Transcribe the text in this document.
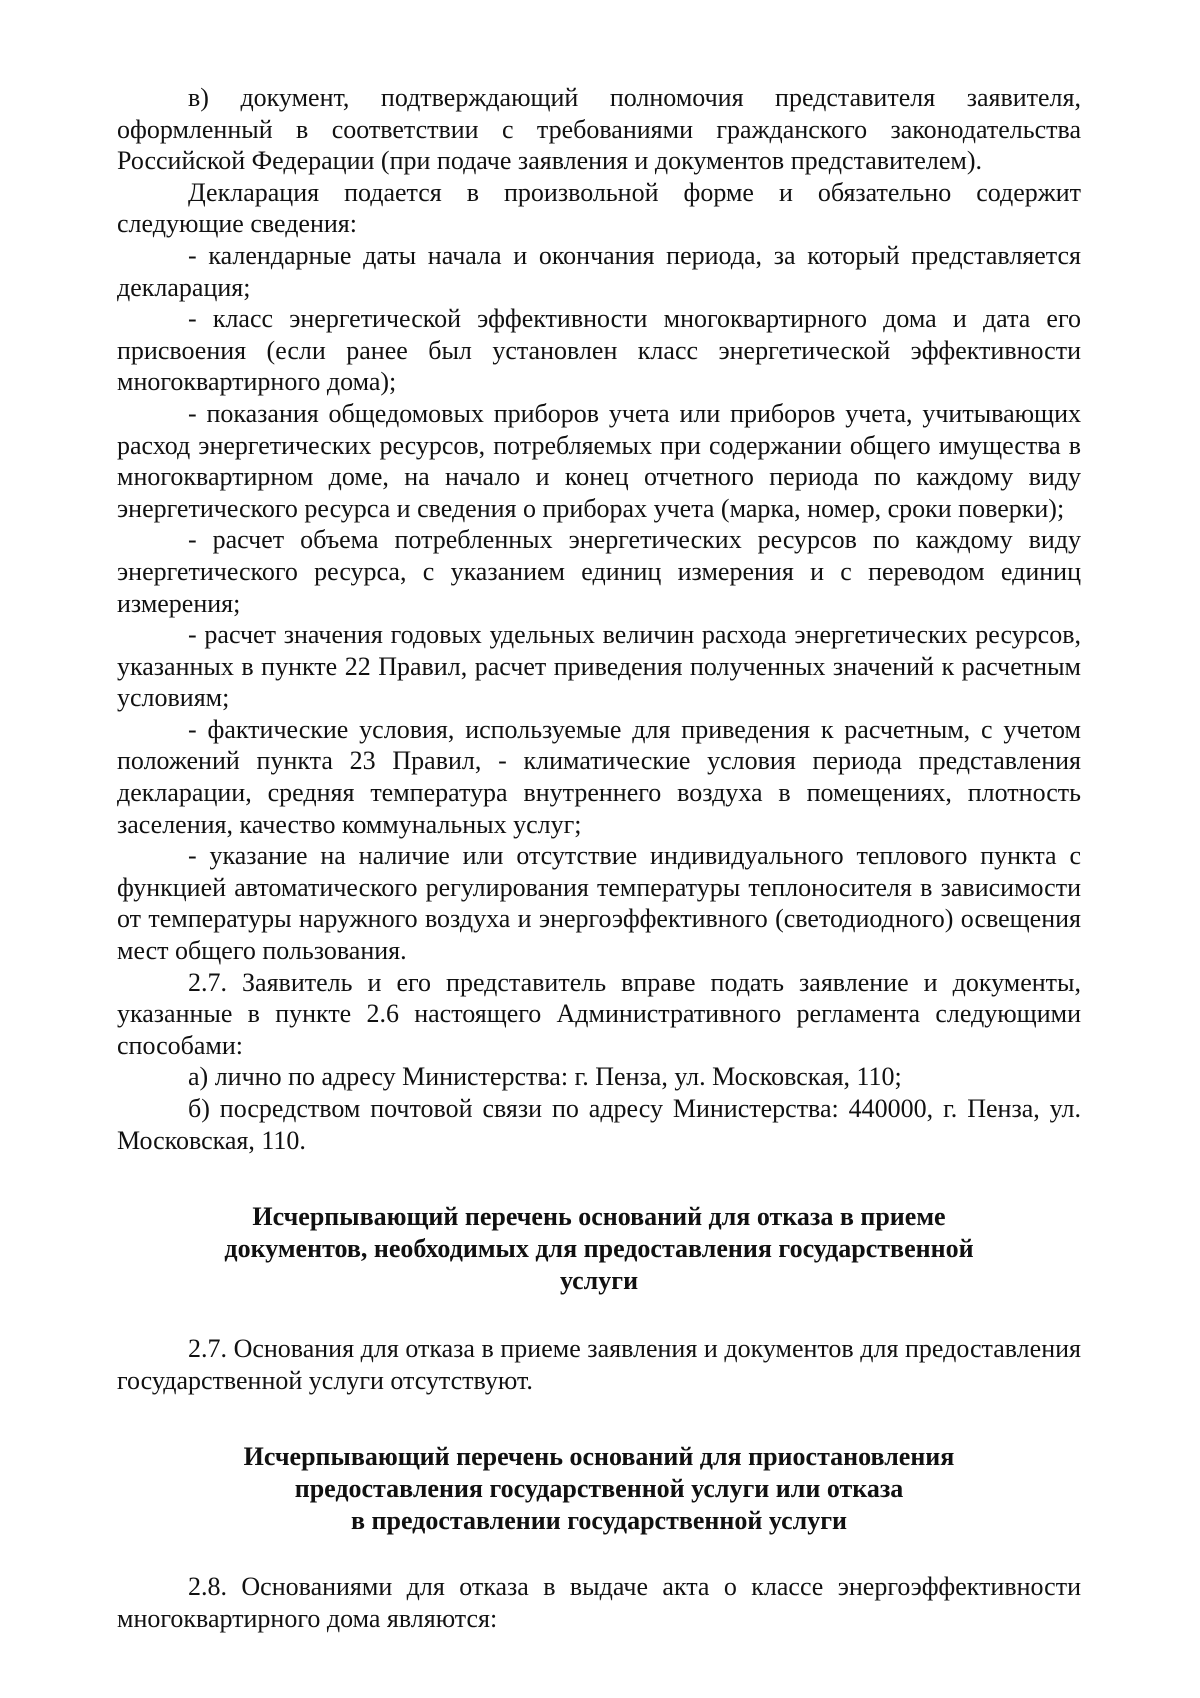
в) документ, подтверждающий полномочия представителя заявителя, оформленный в соответствии с требованиями гражданского законодательства Российской Федерации (при подаче заявления и документов представителем).

Декларация подается в произвольной форме и обязательно содержит следующие сведения:

- календарные даты начала и окончания периода, за который представляется декларация;

- класс энергетической эффективности многоквартирного дома и дата его присвоения (если ранее был установлен класс энергетической эффективности многоквартирного дома);

- показания общедомовых приборов учета или приборов учета, учитывающих расход энергетических ресурсов, потребляемых при содержании общего имущества в многоквартирном доме, на начало и конец отчетного периода по каждому виду энергетического ресурса и сведения о приборах учета (марка, номер, сроки поверки);

- расчет объема потребленных энергетических ресурсов по каждому виду энергетического ресурса, с указанием единиц измерения и с переводом единиц измерения;

- расчет значения годовых удельных величин расхода энергетических ресурсов, указанных в пункте 22 Правил, расчет приведения полученных значений к расчетным условиям;

- фактические условия, используемые для приведения к расчетным, с учетом положений пункта 23 Правил, - климатические условия периода представления декларации, средняя температура внутреннего воздуха в помещениях, плотность заселения, качество коммунальных услуг;

- указание на наличие или отсутствие индивидуального теплового пункта с функцией автоматического регулирования температуры теплоносителя в зависимости от температуры наружного воздуха и энергоэффективного (светодиодного) освещения мест общего пользования.

2.7. Заявитель и его представитель вправе подать заявление и документы, указанные в пункте 2.6 настоящего Административного регламента следующими способами:

а) лично по адресу Министерства: г. Пенза, ул. Московская, 110;

б) посредством почтовой связи по адресу Министерства: 440000, г. Пенза, ул. Московская, 110.

Исчерпывающий перечень оснований для отказа в приеме
документов, необходимых для предоставления государственной
услуги

2.7. Основания для отказа в приеме заявления и документов для предоставления государственной услуги отсутствуют.

Исчерпывающий перечень оснований для приостановления
предоставления государственной услуги или отказа
в предоставлении государственной услуги

2.8. Основаниями для отказа в выдаче акта о классе энергоэффективности многоквартирного дома являются:
